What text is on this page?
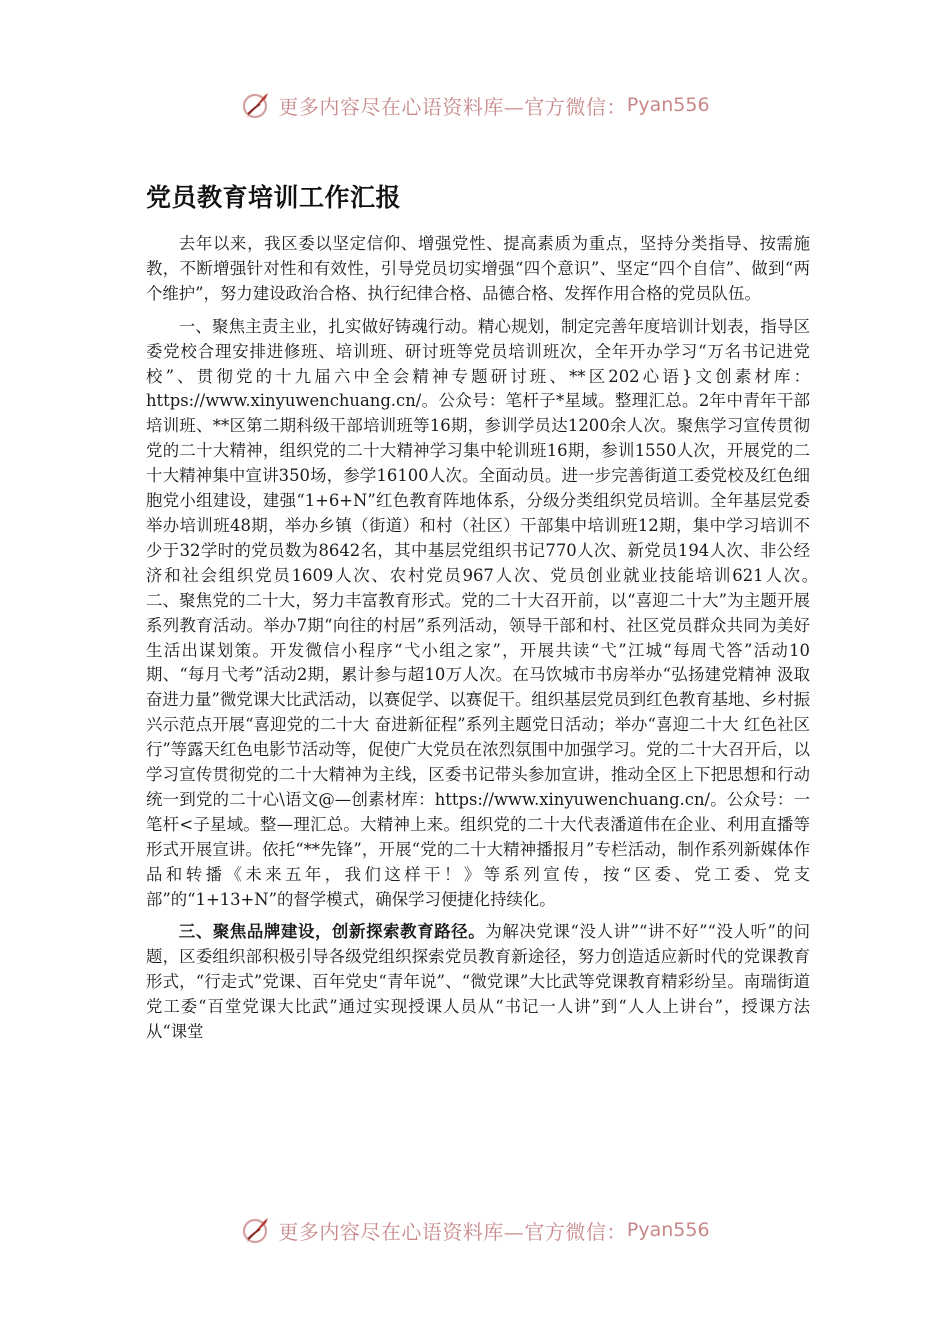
更多内容尽在心语资料库—官方微信： Pyan556
党员教育培训工作汇报

去年以来，我区委以坚定信仰、增强党性、提高素质为重点，坚持分类指导、按需施教，不断增强针对性和有效性，引导党员切实增强“四个意识”、坚定“四个自信”、做到“两个维护”，努力建设政治合格、执行纪律合格、品德合格、发挥作用合格的党员队伍。

一、聚焦主责主业，扎实做好铸魂行动。精心规划，制定完善年度培训计划表，指导区委党校合理安排进修班、培训班、研讨班等党员培训班次，全年开办学习“万名书记进党校”、贯彻党的十九届六中全会精神专题研讨班、**区202心语}文创素材库：https://www.xinyuwenchuang.cn/。公众号：笔杆子*星域。整理汇总。2年中青年干部培训班、**区第二期科级干部培训班等16期，参训学员达1200余人次。聚焦学习宣传贯彻党的二十大精神，组织党的二十大精神学习集中轮训班16期，参训1550人次，开展党的二十大精神集中宣讲350场，参学16100人次。全面动员。进一步完善街道工委党校及红色细胞党小组建设，建强“1+6+N”红色教育阵地体系，分级分类组织党员培训。全年基层党委举办培训班48期，举办乡镇（街道）和村（社区）干部集中培训班12期，集中学习培训不少于32学时的党员数为8642名，其中基层党组织书记770人次、新党员194人次、非公经济和社会组织党员1609人次、农村党员967人次、党员创业就业技能培训621人次。　　　二、聚焦党的二十大，努力丰富教育形式。党的二十大召开前，以“喜迎二十大”为主题开展系列教育活动。举办7期“向往的村居”系列活动，领导干部和村、社区党员群众共同为美好生活出谋划策。开发微信小程序“弋小组之家”，开展共读“弋”江城“每周弋答”活动10期、“每月弋考”活动2期，累计参与超10万人次。在马饮城市书房举办“弘扬建党精神 汲取奋进力量”微党课大比武活动，以赛促学、以赛促干。组织基层党员到红色教育基地、乡村振兴示范点开展“喜迎党的二十大 奋进新征程”系列主题党日活动；举办“喜迎二十大 红色社区行”等露天红色电影节活动等，促使广大党员在浓烈氛围中加强学习。党的二十大召开后，以学习宣传贯彻党的二十大精神为主线，区委书记带头参加宣讲，推动全区上下把思想和行动统一到党的二十心\语文@—创素材库：https://www.xinyuwenchuang.cn/。公众号：一笔杆<子星域。整—理汇总。大精神上来。组织党的二十大代表潘道伟在企业、利用直播等形式开展宣讲。依托“**先锋”，开展“党的二十大精神播报月”专栏活动，制作系列新媒体作品和转播《未来五年，我们这样干！》等系列宣传，按“区委、党工委、党支部”的“1+13+N”的督学模式，确保学习便捷化持续化。

三、聚焦品牌建设，创新探索教育路径。为解决党课“没人讲”“讲不好”“没人听”的问题，区委组织部积极引导各级党组织探索党员教育新途径，努力创造适应新时代的党课教育形式，“行走式”党课、百年党史“青年说”、“微党课”大比武等党课教育精彩纷呈。南瑞街道党工委“百堂党课大比武”通过实现授课人员从“书记一人讲”到“人人上讲台”，授课方法从“课堂

更多内容尽在心语资料库—官方微信： Pyan556
